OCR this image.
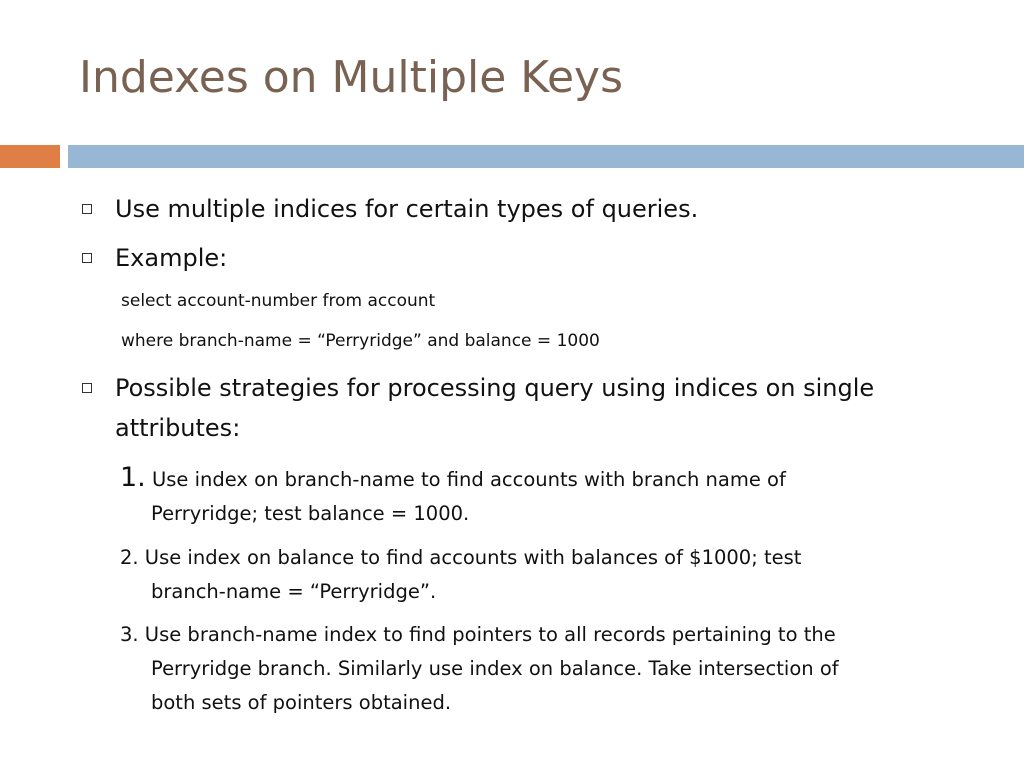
Indexes on Multiple Keys
Use multiple indices for certain types of queries.
Example:
select account-number from account
where branch-name = “Perryridge” and balance = 1000
Possible strategies for processing query using indices on single
attributes:
1. Use index on branch-name to find accounts with branch name of
Perryridge; test balance = 1000.
2. Use index on balance to find accounts with balances of $1000; test
branch-name = “Perryridge”.
3. Use branch-name index to find pointers to all records pertaining to the
Perryridge branch. Similarly use index on balance. Take intersection of
both sets of pointers obtained.
